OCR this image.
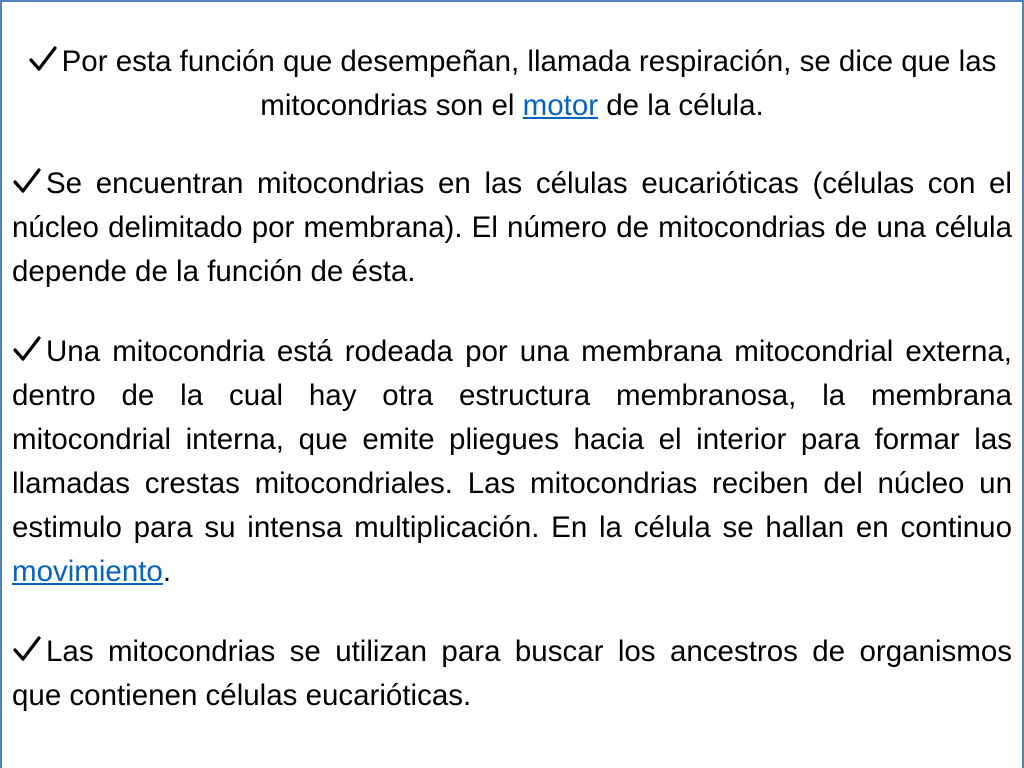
Por esta función que desempeñan, llamada respiración, se dice que las mitocondrias son el motor de la célula.

Se encuentran mitocondrias en las células eucarióticas (células con el núcleo delimitado por membrana). El número de mitocondrias de una célula depende de la función de ésta.

Una mitocondria está rodeada por una membrana mitocondrial externa, dentro de la cual hay otra estructura membranosa, la membrana mitocondrial interna, que emite pliegues hacia el interior para formar las llamadas crestas mitocondriales. Las mitocondrias reciben del núcleo un estimulo para su intensa multiplicación. En la célula se hallan en continuo movimiento.

Las mitocondrias se utilizan para buscar los ancestros de organismos que contienen células eucarióticas.
